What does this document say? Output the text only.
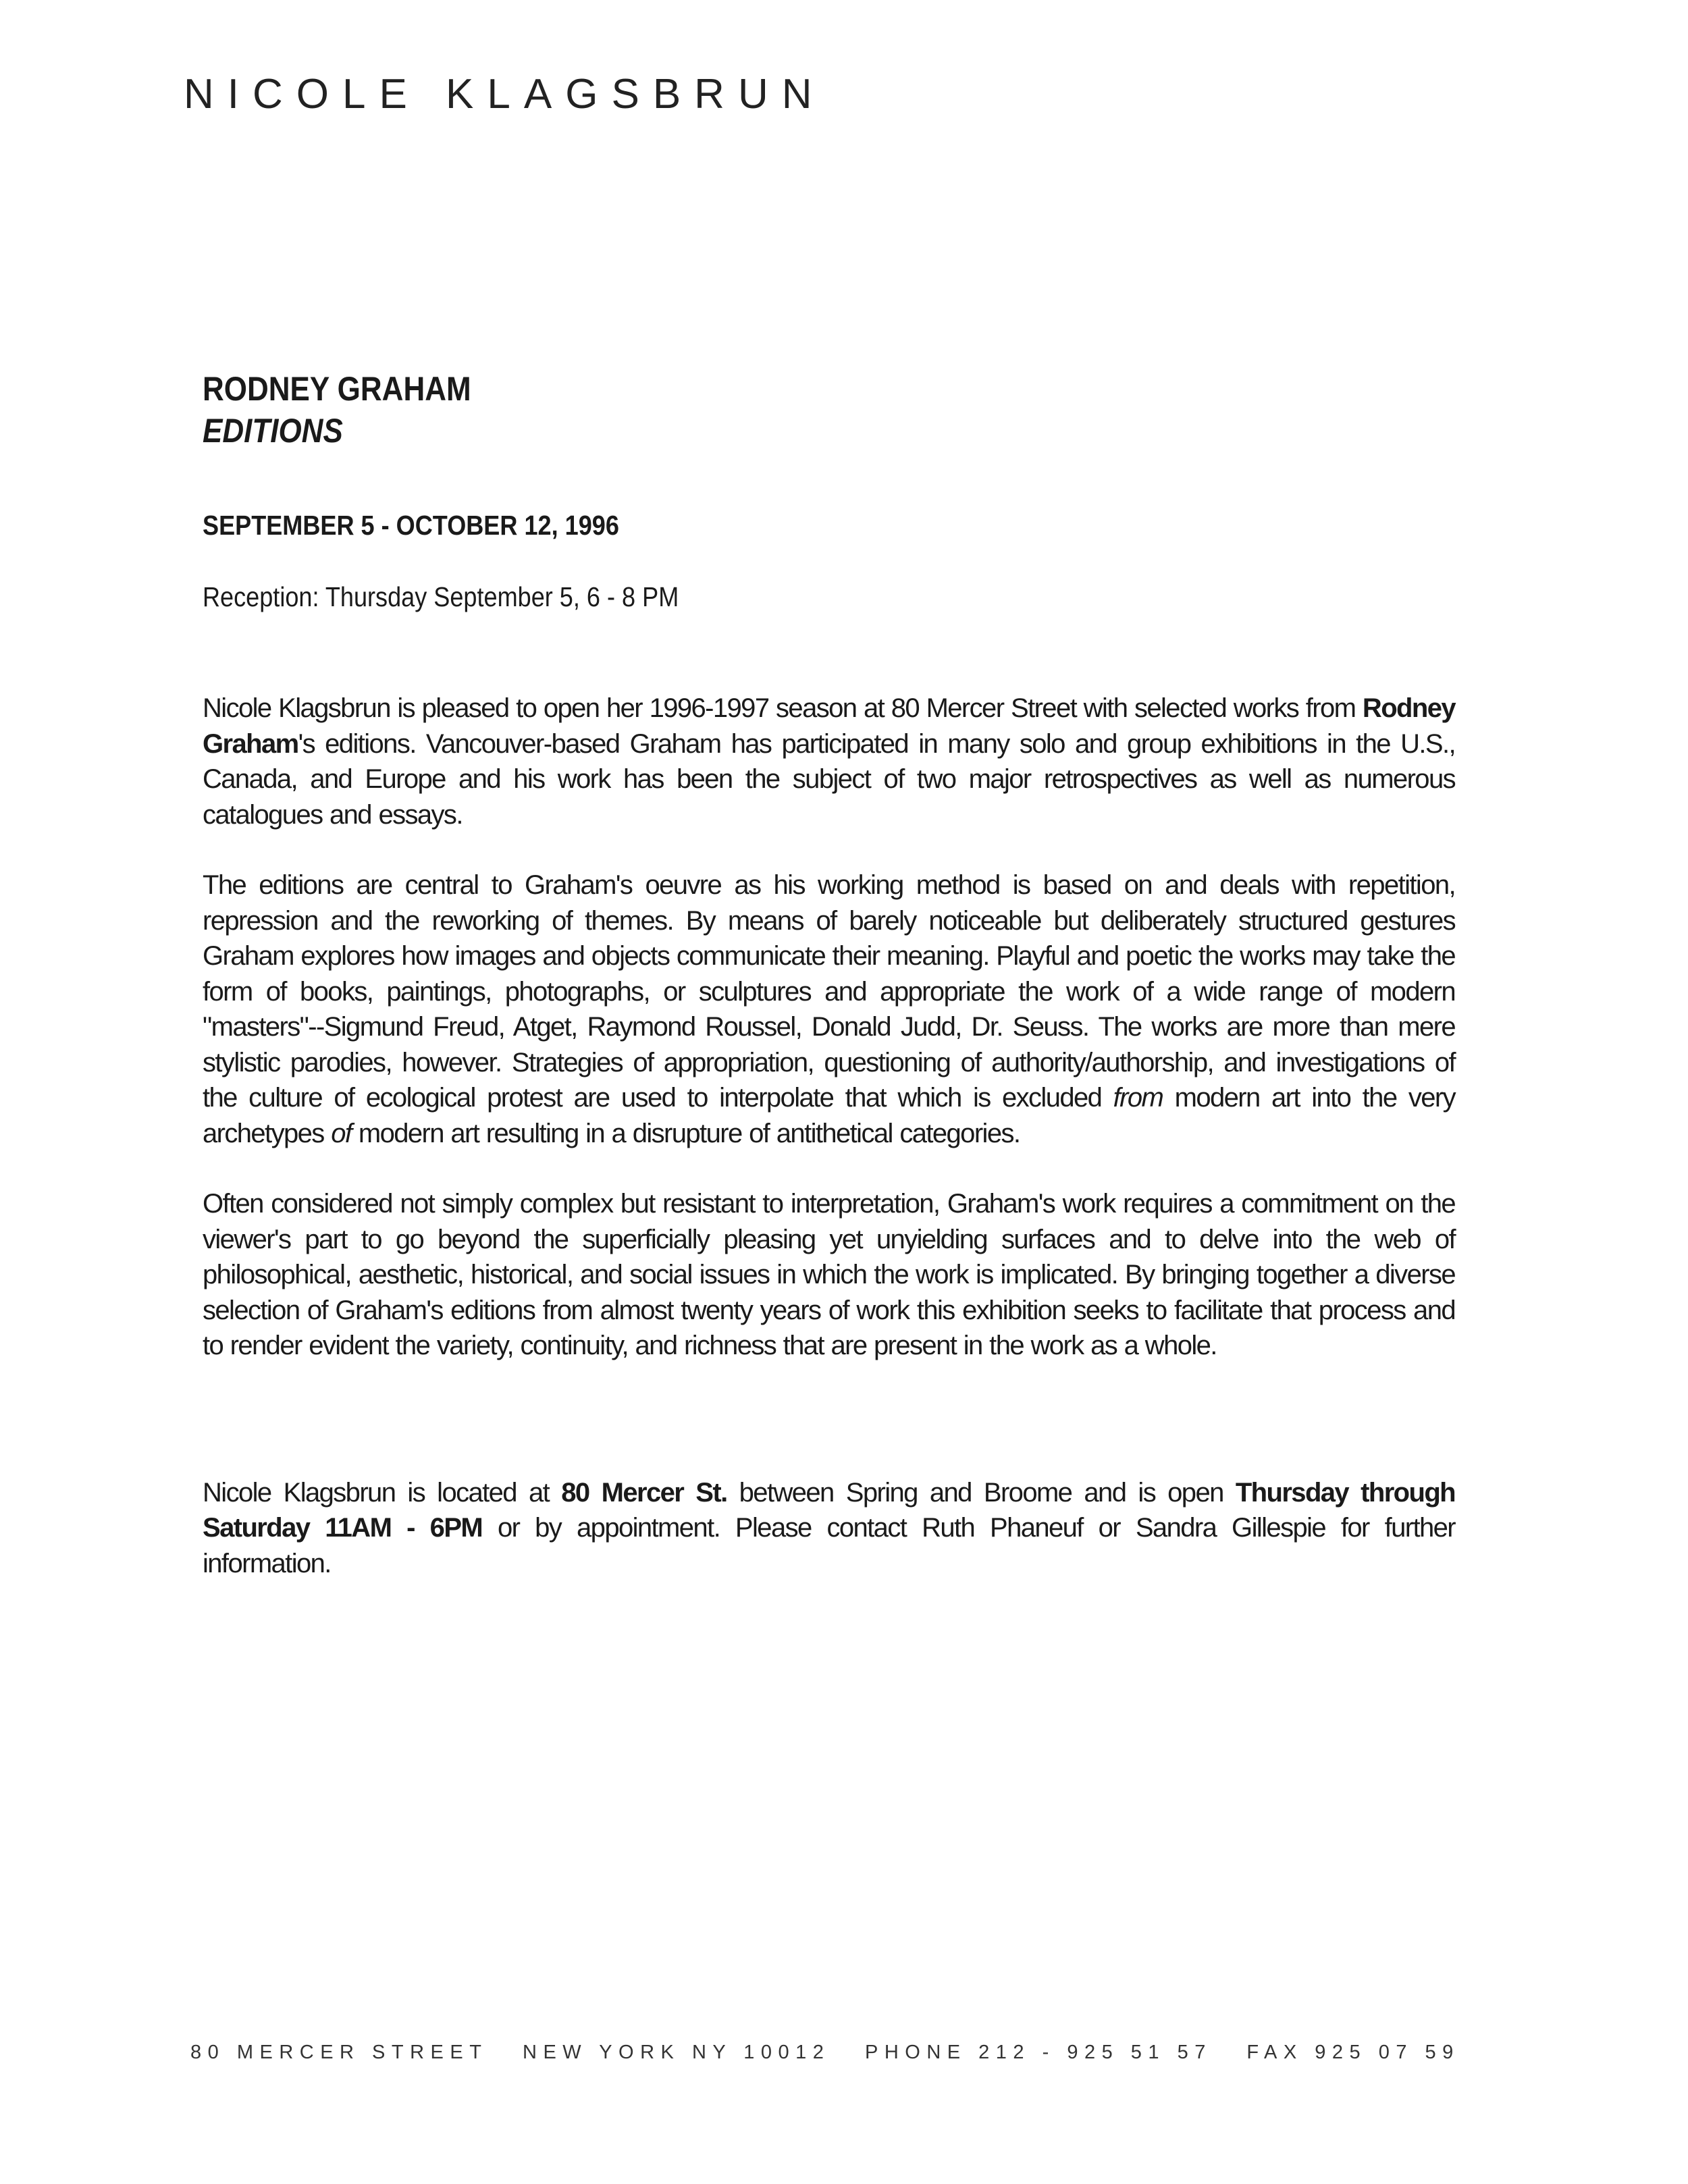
NICOLE KLAGSBRUN
RODNEY GRAHAM
EDITIONS
SEPTEMBER 5 - OCTOBER 12, 1996
Reception: Thursday September 5, 6 - 8 PM

Nicole Klagsbrun is pleased to open her 1996-1997 season at 80 Mercer Street with selected works from Rodney Graham's editions. Vancouver-based Graham has participated in many solo and group exhibitions in the U.S., Canada, and Europe and his work has been the subject of two major retrospectives as well as numerous catalogues and essays.

The editions are central to Graham's oeuvre as his working method is based on and deals with repetition, repression and the reworking of themes. By means of barely noticeable but deliberately structured gestures Graham explores how images and objects communicate their meaning. Playful and poetic the works may take the form of books, paintings, photographs, or sculptures and appropriate the work of a wide range of modern "masters"--Sigmund Freud, Atget, Raymond Roussel, Donald Judd, Dr. Seuss. The works are more than mere stylistic parodies, however. Strategies of appropriation, questioning of authority/authorship, and investigations of the culture of ecological protest are used to interpolate that which is excluded from modern art into the very archetypes of modern art resulting in a disrupture of antithetical categories.

Often considered not simply complex but resistant to interpretation, Graham's work requires a commitment on the viewer's part to go beyond the superficially pleasing yet unyielding surfaces and to delve into the web of philosophical, aesthetic, historical, and social issues in which the work is implicated. By bringing together a diverse selection of Graham's editions from almost twenty years of work this exhibition seeks to facilitate that process and to render evident the variety, continuity, and richness that are present in the work as a whole.

Nicole Klagsbrun is located at 80 Mercer St. between Spring and Broome and is open Thursday through Saturday 11AM - 6PM or by appointment. Please contact Ruth Phaneuf or Sandra Gillespie for further information.

80 MERCER STREET NEW YORK NY 10012 PHONE 212 - 925 51 57 FAX 925 07 59
